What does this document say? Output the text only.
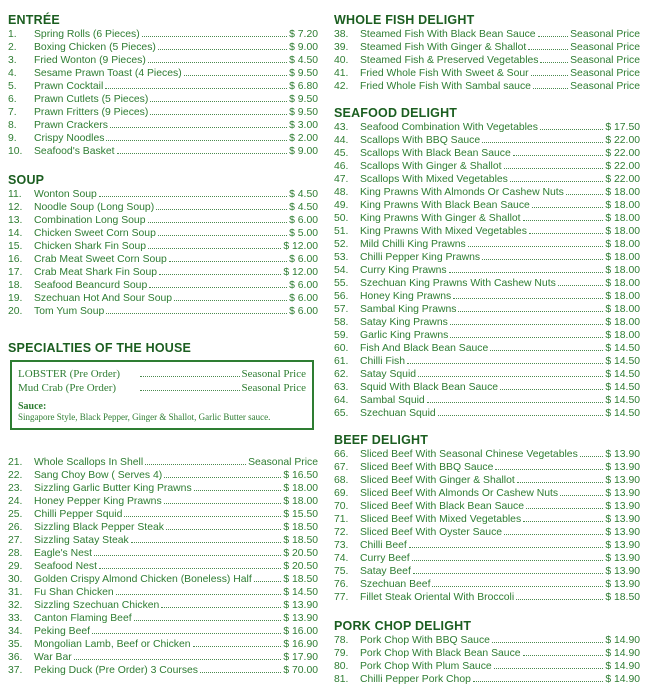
ENTRÉE
1.	Spring Rolls (6 Pieces)	$ 7.20
2.	Boxing Chicken (5 Pieces)	$ 9.00
3.	Fried Wonton (9 Pieces)	$ 4.50
4.	Sesame Prawn Toast (4 Pieces)	$ 9.50
5.	Prawn Cocktail	$ 6.80
6.	Prawn Cutlets (5 Pieces)	$ 9.50
7.	Prawn Fritters (9 Pieces)	$ 9.50
8.	Prawn Crackers	$ 3.00
9.	Crispy Noodles	$ 2.00
10.	Seafood's Basket	$ 9.00
SOUP
11.	Wonton Soup	$ 4.50
12.	Noodle Soup (Long Soup)	$ 4.50
13.	Combination Long Soup	$ 6.00
14.	Chicken Sweet Corn Soup	$ 5.00
15.	Chicken Shark Fin Soup	$ 12.00
16.	Crab Meat Sweet Corn Soup	$ 6.00
17.	Crab Meat Shark Fin Soup	$ 12.00
18.	Seafood Beancurd Soup	$ 6.00
19.	Szechuan Hot And Sour Soup	$ 6.00
20.	Tom Yum Soup	$ 6.00
SPECIALTIES OF THE HOUSE
LOBSTER (Pre Order)	Seasonal Price
Mud Crab (Pre Order)	Seasonal Price
Sauce:
Singapore Style, Black Pepper, Ginger & Shallot, Garlic Butter sauce.
21.	Whole Scallops In Shell	Seasonal Price
22.	Sang Choy Bow ( Serves 4)	$ 16.50
23.	Sizzling Garlic Butter King Prawns	$ 18.00
24.	Honey Pepper King Prawns	$ 18.00
25.	Chilli Pepper Squid	$ 15.50
26.	Sizzling Black Pepper Steak	$ 18.50
27.	Sizzling Satay Steak	$ 18.50
28.	Eagle's Nest	$ 20.50
29.	Seafood Nest	$ 20.50
30.	Golden Crispy Almond Chicken (Boneless) Half	$ 18.50
31.	Fu Shan Chicken	$ 14.50
32.	Sizzling Szechuan Chicken	$ 13.90
33.	Canton Flaming Beef	$ 13.90
34.	Peking Beef	$ 16.00
35.	Mongolian Lamb, Beef or Chicken	$ 16.90
36.	War Bar	$ 17.90
37.	Peking Duck (Pre Order) 3 Courses	$ 70.00
WHOLE FISH DELIGHT
38.	Steamed Fish With Black Bean Sauce	Seasonal Price
39.	Steamed Fish With Ginger & Shallot	Seasonal Price
40.	Steamed Fish & Preserved Vegetables	Seasonal Price
41.	Fried Whole Fish With Sweet & Sour	Seasonal Price
42.	Fried Whole Fish With Sambal sauce	Seasonal Price
SEAFOOD DELIGHT
43.	Seafood Combination With Vegetables	$ 17.50
44.	Scallops With BBQ Sauce	$ 22.00
45.	Scallops With Black Bean Sauce	$ 22.00
46.	Scallops With Ginger & Shallot	$ 22.00
47.	Scallops With Mixed Vegetables	$ 22.00
48.	King Prawns With Almonds Or Cashew Nuts	$ 18.00
49.	King Prawns With Black Bean Sauce	$ 18.00
50.	King Prawns With Ginger & Shallot	$ 18.00
51.	King Prawns With Mixed Vegetables	$ 18.00
52.	Mild Chilli King Prawns	$ 18.00
53.	Chilli Pepper King Prawns	$ 18.00
54.	Curry King Prawns	$ 18.00
55.	Szechuan King Prawns With Cashew Nuts	$ 18.00
56.	Honey King Prawns	$ 18.00
57.	Sambal King Prawns	$ 18.00
58.	Satay King Prawns	$ 18.00
59.	Garlic King Prawns	$ 18.00
60.	Fish And Black Bean Sauce	$ 14.50
61.	Chilli Fish	$ 14.50
62.	Satay Squid	$ 14.50
63.	Squid With Black Bean Sauce	$ 14.50
64.	Sambal Squid	$ 14.50
65.	Szechuan Squid	$ 14.50
BEEF DELIGHT
66.	Sliced Beef With Seasonal Chinese Vegetables	$ 13.90
67.	Sliced Beef With BBQ Sauce	$ 13.90
68.	Sliced Beef With Ginger & Shallot	$ 13.90
69.	Sliced Beef With Almonds Or Cashew Nuts	$ 13.90
70.	Sliced Beef With Black Bean Sauce	$ 13.90
71.	Sliced Beef With Mixed Vegetables	$ 13.90
72.	Sliced Beef With Oyster Sauce	$ 13.90
73.	Chilli Beef	$ 13.90
74.	Curry Beef	$ 13.90
75.	Satay Beef	$ 13.90
76.	Szechuan Beef	$ 13.90
77.	Fillet Steak Oriental With Broccoli	$ 18.50
PORK CHOP DELIGHT
78.	Pork Chop With BBQ Sauce	$ 14.90
79.	Pork Chop With Black Bean Sauce	$ 14.90
80.	Pork Chop With Plum Sauce	$ 14.90
81.	Chilli Pepper Pork Chop	$ 14.90
